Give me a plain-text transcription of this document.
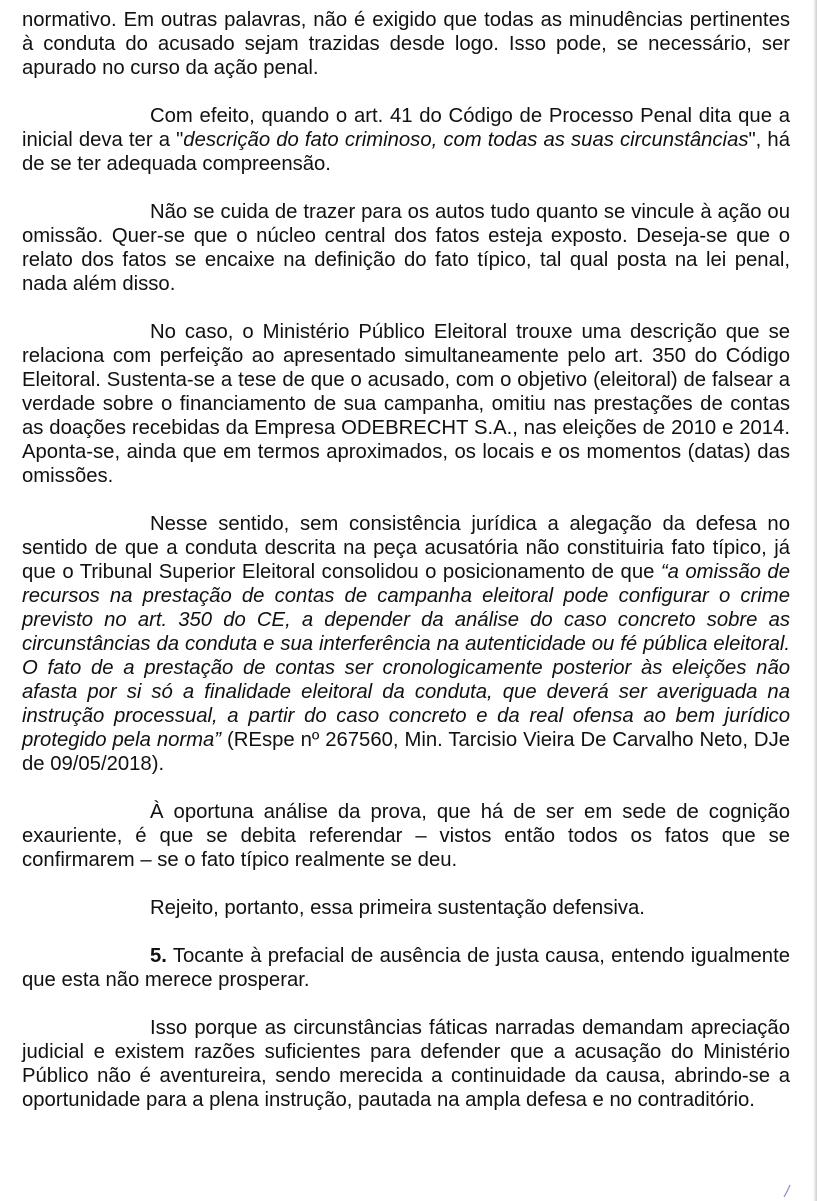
normativo. Em outras palavras, não é exigido que todas as minudências pertinentes à conduta do acusado sejam trazidas desde logo. Isso pode, se necessário, ser apurado no curso da ação penal.

Com efeito, quando o art. 41 do Código de Processo Penal dita que a inicial deva ter a "descrição do fato criminoso, com todas as suas circunstâncias", há de se ter adequada compreensão.

Não se cuida de trazer para os autos tudo quanto se vincule à ação ou omissão. Quer-se que o núcleo central dos fatos esteja exposto. Deseja-se que o relato dos fatos se encaixe na definição do fato típico, tal qual posta na lei penal, nada além disso.

No caso, o Ministério Público Eleitoral trouxe uma descrição que se relaciona com perfeição ao apresentado simultaneamente pelo art. 350 do Código Eleitoral. Sustenta-se a tese de que o acusado, com o objetivo (eleitoral) de falsear a verdade sobre o financiamento de sua campanha, omitiu nas prestações de contas as doações recebidas da Empresa ODEBRECHT S.A., nas eleições de 2010 e 2014. Aponta-se, ainda que em termos aproximados, os locais e os momentos (datas) das omissões.

Nesse sentido, sem consistência jurídica a alegação da defesa no sentido de que a conduta descrita na peça acusatória não constituiria fato típico, já que o Tribunal Superior Eleitoral consolidou o posicionamento de que “a omissão de recursos na prestação de contas de campanha eleitoral pode configurar o crime previsto no art. 350 do CE, a depender da análise do caso concreto sobre as circunstâncias da conduta e sua interferência na autenticidade ou fé pública eleitoral. O fato de a prestação de contas ser cronologicamente posterior às eleições não afasta por si só a finalidade eleitoral da conduta, que deverá ser averiguada na instrução processual, a partir do caso concreto e da real ofensa ao bem jurídico protegido pela norma” (REspe nº 267560, Min. Tarcisio Vieira De Carvalho Neto, DJe de 09/05/2018).

À oportuna análise da prova, que há de ser em sede de cognição exauriente, é que se debita referendar – vistos então todos os fatos que se confirmarem – se o fato típico realmente se deu.

Rejeito, portanto, essa primeira sustentação defensiva.

5. Tocante à prefacial de ausência de justa causa, entendo igualmente que esta não merece prosperar.

Isso porque as circunstâncias fáticas narradas demandam apreciação judicial e existem razões suficientes para defender que a acusação do Ministério Público não é aventureira, sendo merecida a continuidade da causa, abrindo-se a oportunidade para a plena instrução, pautada na ampla defesa e no contraditório.
